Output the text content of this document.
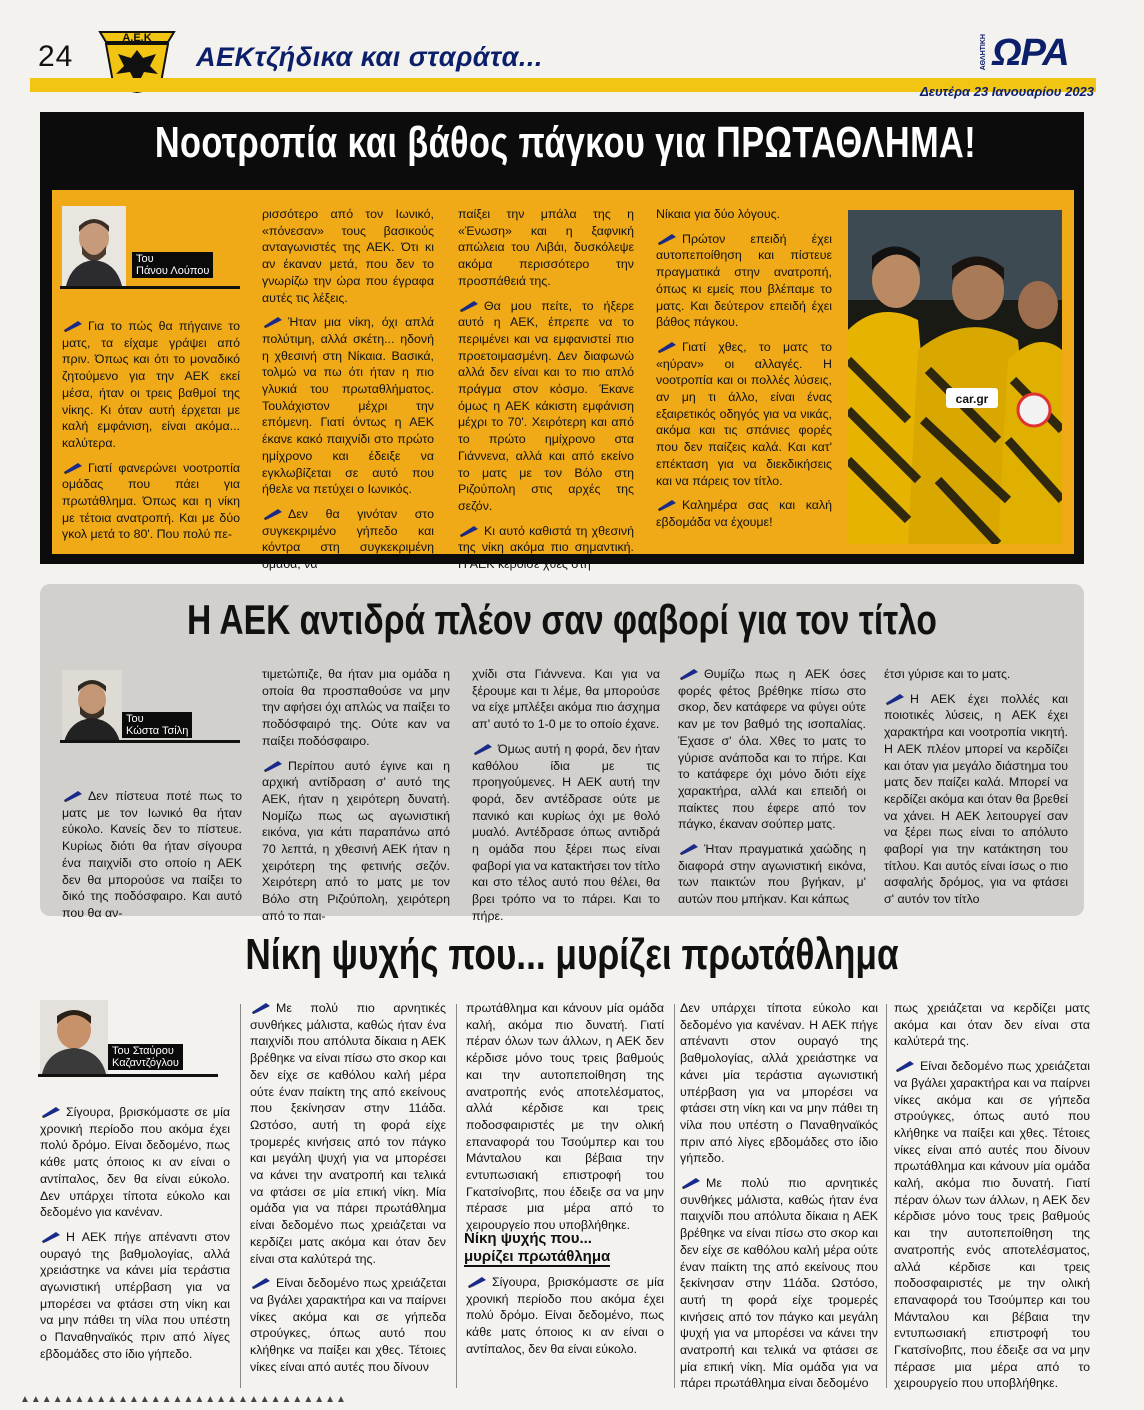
24
Α.Ε.Κ
ΑΕΚτζήδικα και σταράτα...	ΑΘΛΗΤΙΚΗ ΩΡΑ
Δευτέρα 23 Ιανουαρίου 2023
Νοοτροπία και βάθος πάγκου για ΠΡΩΤΑΘΛΗΜΑ!
Του
Πάνου Λούπου

Για το πώς θα πήγαινε το ματς, τα είχαμε γράψει από πριν. Όπως και ότι το μοναδικό ζητούμενο για την ΑΕΚ εκεί μέσα, ήταν οι τρεις βαθμοί της νίκης. Κι όταν αυτή έρχεται με καλή εμφάνιση, είναι ακόμα... καλύτερα.

Γιατί φανερώνει νοοτροπία ομάδας που πάει για πρωτάθλημα. Όπως και η νίκη με τέτοια ανατροπή. Και με δύο γκολ μετά το 80'. Που πολύ πε-

ρισσότερο από τον Ιωνικό, «πόνεσαν» τους βασικούς ανταγωνιστές της ΑΕΚ. Ότι κι αν έκαναν μετά, που δεν το γνωρίζω την ώρα που έγραφα αυτές τις λέξεις.

Ήταν μια νίκη, όχι απλά πολύτιμη, αλλά σκέτη... ηδονή η χθεσινή στη Νίκαια. Βασικά, τολμώ να πω ότι ήταν η πιο γλυκιά του πρωταθλήματος. Τουλάχιστον μέχρι την επόμενη. Γιατί όντως η ΑΕΚ έκανε κακό παιχνίδι στο πρώτο ημίχρονο και έδειξε να εγκλωβίζεται σε αυτό που ήθελε να πετύχει ο Ιωνικός.

Δεν θα γινόταν στο συγκεκριμένο γήπεδο και κόντρα στη συγκεκριμένη ομάδα, να

παίξει την μπάλα της η «Ένωση» και η ξαφνική απώλεια του Λιβάι, δυσκόλεψε ακόμα περισσότερο την προσπάθειά της.

Θα μου πείτε, το ήξερε αυτό η ΑΕΚ, έπρεπε να το περιμένει και να εμφανιστεί πιο προετοιμασμένη. Δεν διαφωνώ αλλά δεν είναι και το πιο απλό πράγμα στον κόσμο. Έκανε όμως η ΑΕΚ κάκιστη εμφάνιση μέχρι το 70'. Χειρότερη και από το πρώτο ημίχρονο στα Γιάννενα, αλλά και από εκείνο το ματς με τον Βόλο στη Ριζούπολη στις αρχές της σεζόν.

Κι αυτό καθιστά τη χθεσινή της νίκη ακόμα πιο σημαντική. Η ΑΕΚ κέρδισε χθες στη

Νίκαια για δύο λόγους.

Πρώτον επειδή έχει αυτοπεποίθηση και πίστευε πραγματικά στην ανατροπή, όπως κι εμείς που βλέπαμε το ματς. Και δεύτερον επειδή έχει βάθος πάγκου.

Γιατί χθες, το ματς το «ηύραν» οι αλλαγές. Η νοοτροπία και οι πολλές λύσεις, αν μη τι άλλο, είναι ένας εξαιρετικός οδηγός για να νικάς, ακόμα και τις σπάνιες φορές που δεν παίζεις καλά. Και κατ' επέκταση για να διεκδικήσεις και να πάρεις τον τίτλο.

Καλημέρα σας και καλή εβδομάδα να έχουμε!

car.gr
Η ΑΕΚ αντιδρά πλέον σαν φαβορί για τον τίτλο
Του
Κώστα Τσίλη

Δεν πίστευα ποτέ πως το ματς με τον Ιωνικό θα ήταν εύκολο. Κανείς δεν το πίστευε. Κυρίως διότι θα ήταν σίγουρα ένα παιχνίδι στο οποίο η ΑΕΚ δεν θα μπορούσε να παίξει το δικό της ποδόσφαιρο. Και αυτό που θα αν-

τιμετώπιζε, θα ήταν μια ομάδα η οποία θα προσπαθούσε να μην την αφήσει όχι απλώς να παίξει το ποδόσφαιρό της. Ούτε καν να παίξει ποδόσφαιρο.

Περίπου αυτό έγινε και η αρχική αντίδραση σ' αυτό της ΑΕΚ, ήταν η χειρότερη δυνατή. Νομίζω πως ως αγωνιστική εικόνα, για κάτι παραπάνω από 70 λεπτά, η χθεσινή ΑΕΚ ήταν η χειρότερη της φετινής σεζόν. Χειρότερη από το ματς με τον Βόλο στη Ριζούπολη, χειρότερη από το παι-

χνίδι στα Γιάννενα. Και για να ξέρουμε και τι λέμε, θα μπορούσε να είχε μπλέξει ακόμα πιο άσχημα απ' αυτό το 1-0 με το οποίο έχανε.

Όμως αυτή η φορά, δεν ήταν καθόλου ίδια με τις προηγούμενες. Η ΑΕΚ αυτή την φορά, δεν αντέδρασε ούτε με πανικό και κυρίως όχι με θολό μυαλό. Αντέδρασε όπως αντιδρά η ομάδα που ξέρει πως είναι φαβορί για να κατακτήσει τον τίτλο και στο τέλος αυτό που θέλει, θα βρει τρόπο να το πάρει. Και το πήρε.

Θυμίζω πως η ΑΕΚ όσες φορές φέτος βρέθηκε πίσω στο σκορ, δεν κατάφερε να φύγει ούτε καν με τον βαθμό της ισοπαλίας. Έχασε σ' όλα. Χθες το ματς το γύρισε ανάποδα και το πήρε. Και το κατάφερε όχι μόνο διότι είχε χαρακτήρα, αλλά και επειδή οι παίκτες που έφερε από τον πάγκο, έκαναν σούπερ ματς.

Ήταν πραγματικά χαώδης η διαφορά στην αγωνιστική εικόνα, των παικτών που βγήκαν, μ' αυτών που μπήκαν. Και κάπως

έτσι γύρισε και το ματς.

Η ΑΕΚ έχει πολλές και ποιοτικές λύσεις, η ΑΕΚ έχει χαρακτήρα και νοοτροπία νικητή. Η ΑΕΚ πλέον μπορεί να κερδίζει και όταν για μεγάλο διάστημα του ματς δεν παίζει καλά. Μπορεί να κερδίζει ακόμα και όταν θα βρεθεί να χάνει. Η ΑΕΚ λειτουργεί σαν να ξέρει πως είναι το απόλυτο φαβορί για την κατάκτηση του τίτλου. Και αυτός είναι ίσως ο πιο ασφαλής δρόμος, για να φτάσει σ' αυτόν τον τίτλο

Νίκη ψυχής που... μυρίζει πρωτάθλημα
Του Σταύρου
Καζαντζόγλου

Σίγουρα, βρισκόμαστε σε μία χρονική περίοδο που ακόμα έχει πολύ δρόμο. Είναι δεδομένο, πως κάθε ματς όποιος κι αν είναι ο αντίπαλος, δεν θα είναι εύκολο. Δεν υπάρχει τίποτα εύκολο και δεδομένο για κανέναν.

Η ΑΕΚ πήγε απέναντι στον ουραγό της βαθμολογίας, αλλά χρειάστηκε να κάνει μία τεράστια αγωνιστική υπέρβαση για να μπορέσει να φτάσει στη νίκη και να μην πάθει τη νίλα που υπέστη ο Παναθηναϊκός πριν από λίγες εβδομάδες στο ίδιο γήπεδο.

Με πολύ πιο αρνητικές συνθήκες μάλιστα, καθώς ήταν ένα παιχνίδι που απόλυτα δίκαια η ΑΕΚ βρέθηκε να είναι πίσω στο σκορ και δεν είχε σε καθόλου καλή μέρα ούτε έναν παίκτη της από εκείνους που ξεκίνησαν στην 11άδα. Ωστόσο, αυτή τη φορά είχε τρομερές κινήσεις από τον πάγκο και μεγάλη ψυχή για να μπορέσει να κάνει την ανατροπή και τελικά να φτάσει σε μία επική νίκη. Μία ομάδα για να πάρει πρωτάθλημα είναι δεδομένο πως χρειάζεται να κερδίζει ματς ακόμα και όταν δεν είναι στα καλύτερά της.

Είναι δεδομένο πως χρειάζεται να βγάλει χαρακτήρα και να παίρνει νίκες ακόμα και σε γήπεδα στρούγκες, όπως αυτό που κλήθηκε να παίξει και χθες. Τέτοιες νίκες είναι από αυτές που δίνουν

πρωτάθλημα και κάνουν μία ομάδα καλή, ακόμα πιο δυνατή. Γιατί πέραν όλων των άλλων, η ΑΕΚ δεν κέρδισε μόνο τους τρεις βαθμούς και την αυτοπεποίθηση της ανατροπής ενός αποτελέσματος, αλλά κέρδισε και τρεις ποδοσφαιριστές με την ολική επαναφορά του Τσούμπερ και του Μάνταλου και βέβαια την εντυπωσιακή επιστροφή του Γκατσίνοβιτς, που έδειξε σα να μην πέρασε μια μέρα από το χειρουργείο που υποβλήθηκε.

Νίκη ψυχής που...
μυρίζει πρωτάθλημα

Σίγουρα, βρισκόμαστε σε μία χρονική περίοδο που ακόμα έχει πολύ δρόμο. Είναι δεδομένο, πως κάθε ματς όποιος κι αν είναι ο αντίπαλος, δεν θα είναι εύκολο.

Δεν υπάρχει τίποτα εύκολο και δεδομένο για κανέναν. Η ΑΕΚ πήγε απέναντι στον ουραγό της βαθμολογίας, αλλά χρειάστηκε να κάνει μία τεράστια αγωνιστική υπέρβαση για να μπορέσει να φτάσει στη νίκη και να μην πάθει τη νίλα που υπέστη ο Παναθηναϊκός πριν από λίγες εβδομάδες στο ίδιο γήπεδο.

Με πολύ πιο αρνητικές συνθήκες μάλιστα, καθώς ήταν ένα παιχνίδι που απόλυτα δίκαια η ΑΕΚ βρέθηκε να είναι πίσω στο σκορ και δεν είχε σε καθόλου καλή μέρα ούτε έναν παίκτη της από εκείνους που ξεκίνησαν στην 11άδα. Ωστόσο, αυτή τη φορά είχε τρομερές κινήσεις από τον πάγκο και μεγάλη ψυχή για να μπορέσει να κάνει την ανατροπή και τελικά να φτάσει σε μία επική νίκη. Μία ομάδα για να πάρει πρωτάθλημα είναι δεδομένο

πως χρειάζεται να κερδίζει ματς ακόμα και όταν δεν είναι στα καλύτερά της.

Είναι δεδομένο πως χρειάζεται να βγάλει χαρακτήρα και να παίρνει νίκες ακόμα και σε γήπεδα στρούγκες, όπως αυτό που κλήθηκε να παίξει και χθες. Τέτοιες νίκες είναι από αυτές που δίνουν πρωτάθλημα και κάνουν μία ομάδα καλή, ακόμα πιο δυνατή. Γιατί πέραν όλων των άλλων, η ΑΕΚ δεν κέρδισε μόνο τους τρεις βαθμούς και την αυτοπεποίθηση της ανατροπής ενός αποτελέσματος, αλλά κέρδισε και τρεις ποδοσφαιριστές με την ολική επαναφορά του Τσούμπερ και του Μάνταλου και βέβαια την εντυπωσιακή επιστροφή του Γκατσίνοβιτς, που έδειξε σα να μην πέρασε μια μέρα από το χειρουργείο που υποβλήθηκε.

▲▲▲▲▲▲▲▲▲▲▲▲▲▲▲▲▲▲▲▲▲▲▲▲▲▲▲▲▲▲
